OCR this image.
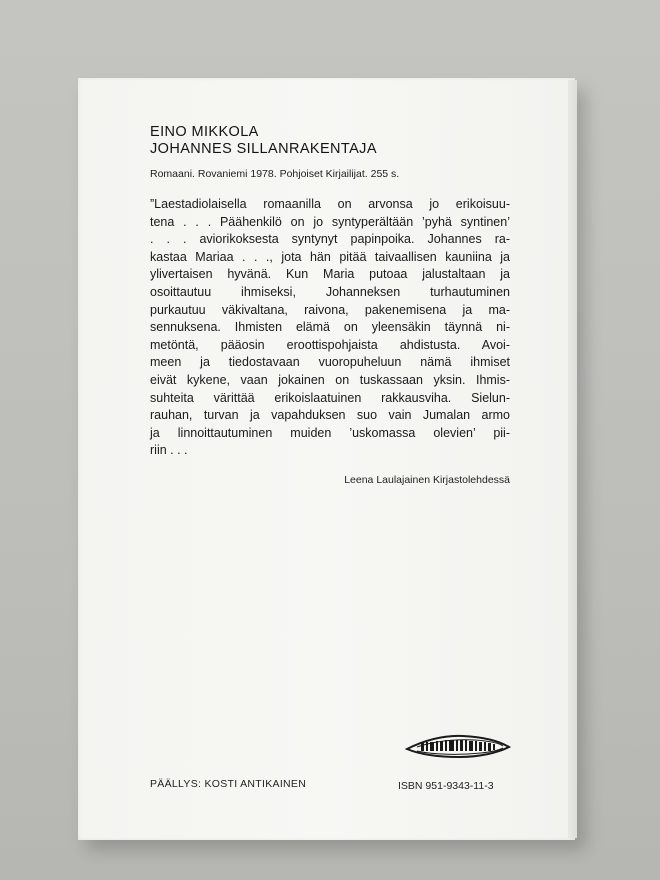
EINO MIKKOLA
JOHANNES SILLANRAKENTAJA
Romaani. Rovaniemi 1978. Pohjoiset Kirjailijat. 255 s.
”Laestadiolaisella romaanilla on arvonsa jo erikoisuu-
tena . . . Päähenkilö on jo syntyperältään ’pyhä syntinen’
. . . aviorikoksesta syntynyt papinpoika. Johannes ra-
kastaa Mariaa . . ., jota hän pitää taivaallisen kauniina ja
ylivertaisen hyvänä. Kun Maria putoaa jalustaltaan ja
osoittautuu ihmiseksi, Johanneksen turhautuminen
purkautuu väkivaltana, raivona, pakenemisena ja ma-
sennuksena. Ihmisten elämä on yleensäkin täynnä ni-
metöntä, pääosin eroottispohjaista ahdistusta. Avoi-
meen ja tiedostavaan vuoropuheluun nämä ihmiset
eivät kykene, vaan jokainen on tuskassaan yksin. Ihmis-
suhteita värittää erikoislaatuinen rakkausviha. Sielun-
rauhan, turvan ja vapahduksen suo vain Jumalan armo
ja linnoittautuminen muiden ’uskomassa olevien’ pii-
riin . . .
Leena Laulajainen Kirjastolehdessä
PÄÄLLYS: KOSTI ANTIKAINEN	ISBN 951-9343-11-3
